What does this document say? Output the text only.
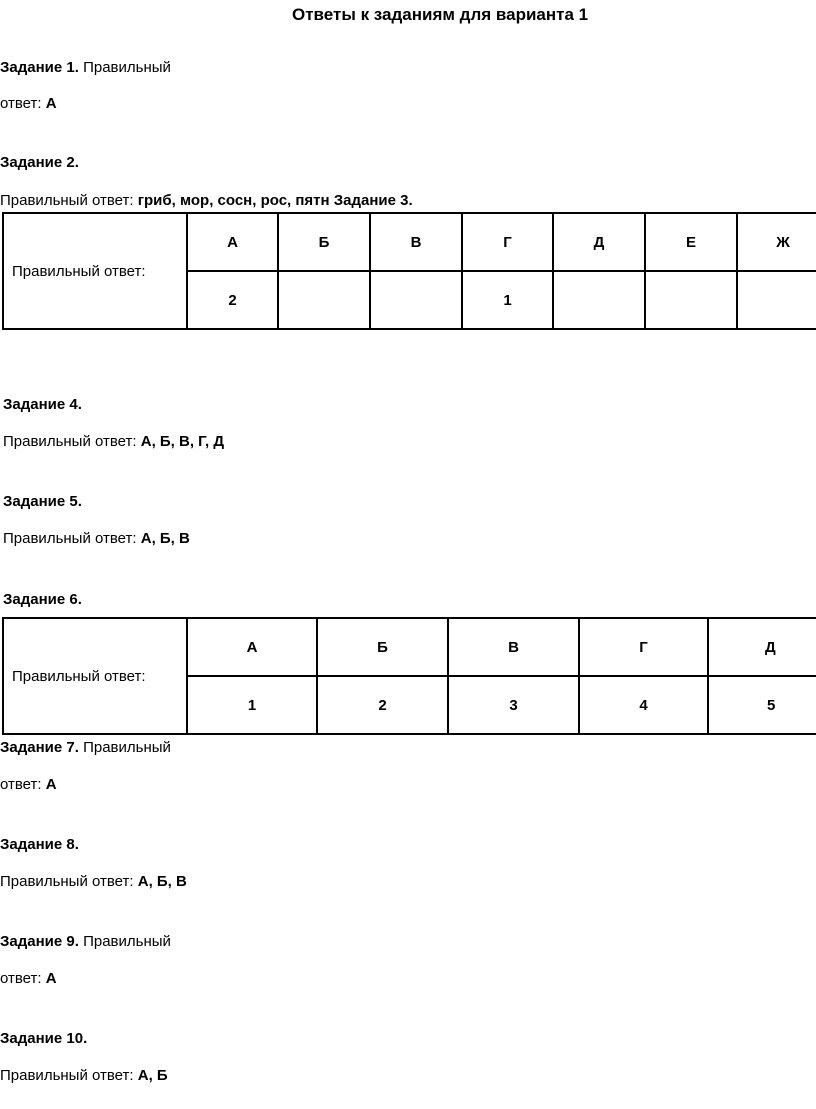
Ответы к заданиям для варианта 1
Задание 1. Правильный
ответ: А
Задание 2.
Правильный ответ: гриб, мор, сосн, рос, пятн Задание 3.
Правильный ответ:	А	Б	В	Г	Д	Е	Ж
	2			1			
Задание 4.
Правильный ответ: А, Б, В, Г, Д
Задание 5.
Правильный ответ: А, Б, В
Задание 6.
Правильный ответ:	А	Б	В	Г	Д
	1	2	3	4	5
Задание 7. Правильный
ответ: А
Задание 8.
Правильный ответ: А, Б, В
Задание 9. Правильный
ответ: А
Задание 10.
Правильный ответ: А, Б
